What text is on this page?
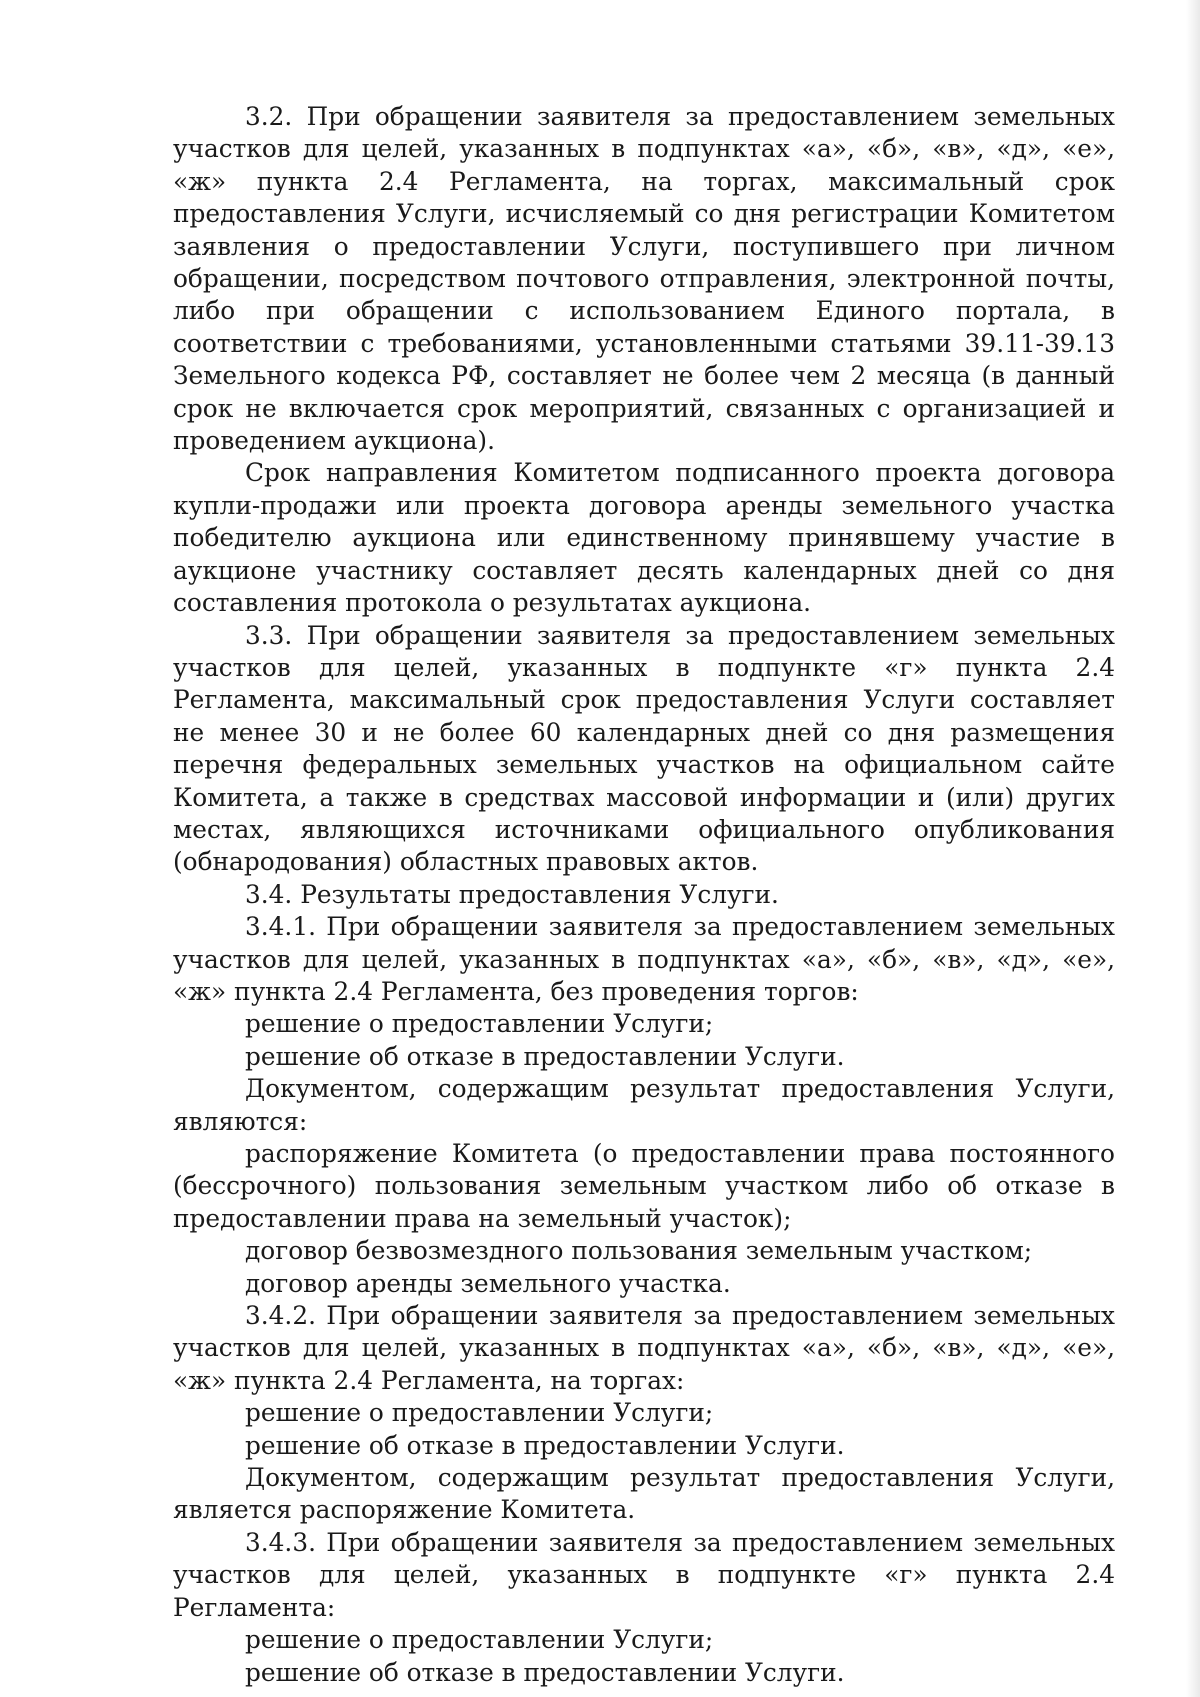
3.2. При обращении заявителя за предоставлением земельных участков для целей, указанных в подпунктах «а», «б», «в», «д», «е», «ж» пункта 2.4 Регламента, на торгах, максимальный срок предоставления Услуги, исчисляемый со дня регистрации Комитетом заявления о предоставлении Услуги, поступившего при личном обращении, посредством почтового отправления, электронной почты, либо при обращении с использованием Единого портала, в соответствии с требованиями, установленными статьями 39.11-39.13 Земельного кодекса РФ, составляет не более чем 2 месяца (в данный срок не включается срок мероприятий, связанных с организацией и проведением аукциона).

Срок направления Комитетом подписанного проекта договора купли-продажи или проекта договора аренды земельного участка победителю аукциона или единственному принявшему участие в аукционе участнику составляет десять календарных дней со дня составления протокола о результатах аукциона.

3.3. При обращении заявителя за предоставлением земельных участков для целей, указанных в подпункте «г» пункта 2.4 Регламента, максимальный срок предоставления Услуги составляет не менее 30 и не более 60 календарных дней со дня размещения перечня федеральных земельных участков на официальном сайте Комитета, а также в средствах массовой информации и (или) других местах, являющихся источниками официального опубликования (обнародования) областных правовых актов.

3.4. Результаты предоставления Услуги.

3.4.1. При обращении заявителя за предоставлением земельных участков для целей, указанных в подпунктах «а», «б», «в», «д», «е», «ж» пункта 2.4 Регламента, без проведения торгов:

решение о предоставлении Услуги;

решение об отказе в предоставлении Услуги.

Документом, содержащим результат предоставления Услуги, являются:

распоряжение Комитета (о предоставлении права постоянного (бессрочного) пользования земельным участком либо об отказе в предоставлении права на земельный участок);

договор безвозмездного пользования земельным участком;

договор аренды земельного участка.

3.4.2. При обращении заявителя за предоставлением земельных участков для целей, указанных в подпунктах «а», «б», «в», «д», «е», «ж» пункта 2.4 Регламента, на торгах:

решение о предоставлении Услуги;

решение об отказе в предоставлении Услуги.

Документом, содержащим результат предоставления Услуги, является распоряжение Комитета.

3.4.3. При обращении заявителя за предоставлением земельных участков для целей, указанных в подпункте «г» пункта 2.4 Регламента:

решение о предоставлении Услуги;

решение об отказе в предоставлении Услуги.
